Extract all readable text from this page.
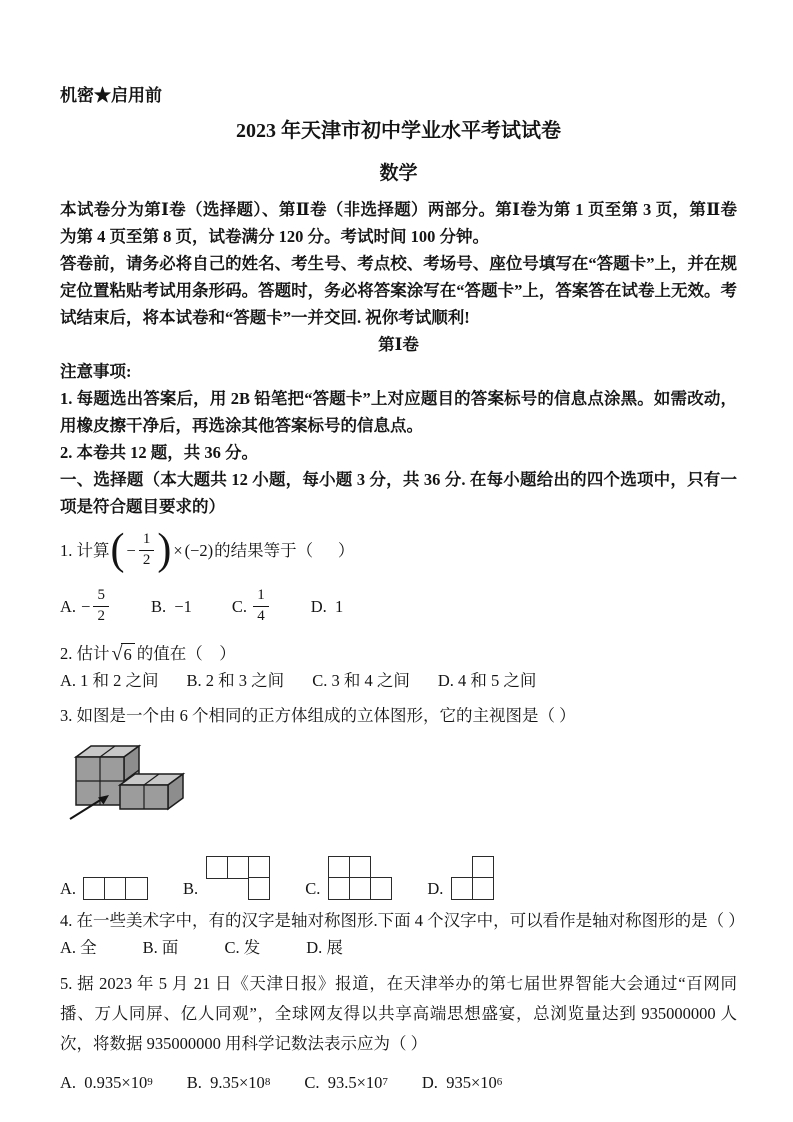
机密★启用前
2023 年天津市初中学业水平考试试卷
数学

本试卷分为第Ⅰ卷（选择题）、第Ⅱ卷（非选择题）两部分。第Ⅰ卷为第 1 页至第 3 页，第Ⅱ卷为第 4 页至第 8 页，试卷满分 120 分。考试时间 100 分钟。

答卷前，请务必将自己的姓名、考生号、考点校、考场号、座位号填写在“答题卡”上，并在规定位置粘贴考试用条形码。答题时，务必将答案涂写在“答题卡”上，答案答在试卷上无效。考试结束后，将本试卷和“答题卡”一并交回. 祝你考试顺利!

第Ⅰ卷
注意事项:

1. 每题选出答案后，用 2B 铅笔把“答题卡”上对应题目的答案标号的信息点涂黑。如需改动，用橡皮擦干净后，再选涂其他答案标号的信息点。

2. 本卷共 12 题，共 36 分。

一、选择题（本大题共 12 小题，每小题 3 分，共 36 分. 在每小题给出的四个选项中，只有一项是符合题目要求的）

1. 计算 ( − $\frac{1}{2}$ ) × (−2) 的结果等于（      ）
A. − $\frac{5}{2}$	B.  −1 C. $\frac{1}{4}$	D.  1
2. 估计 √ 6 的值在（    ）
A. 1 和 2 之间 B. 2 和 3 之间 C. 3 和 4 之间 D. 4 和 5 之间
3. 如图是一个由 6 个相同的正方体组成的立体图形，它的主视图是（ ）
A.	B.	C.	D.
4. 在一些美术字中，有的汉字是轴对称图形.下面 4 个汉字中，可以看作是轴对称图形的是（ ）
A. 全	B. 面	C. 发	D. 展
5. 据 2023 年 5 月 21 日《天津日报》报道，在天津举办的第七届世界智能大会通过“百网同播、万人同屏、亿人同观”，全球网友得以共享高端思想盛宴，总浏览量达到 935000000 人次，将数据 935000000 用科学记数法表示应为（ ）
A. 0.935×10 9 B. 9.35×10 8 C. 93.5×10 7 D. 935×10 6
